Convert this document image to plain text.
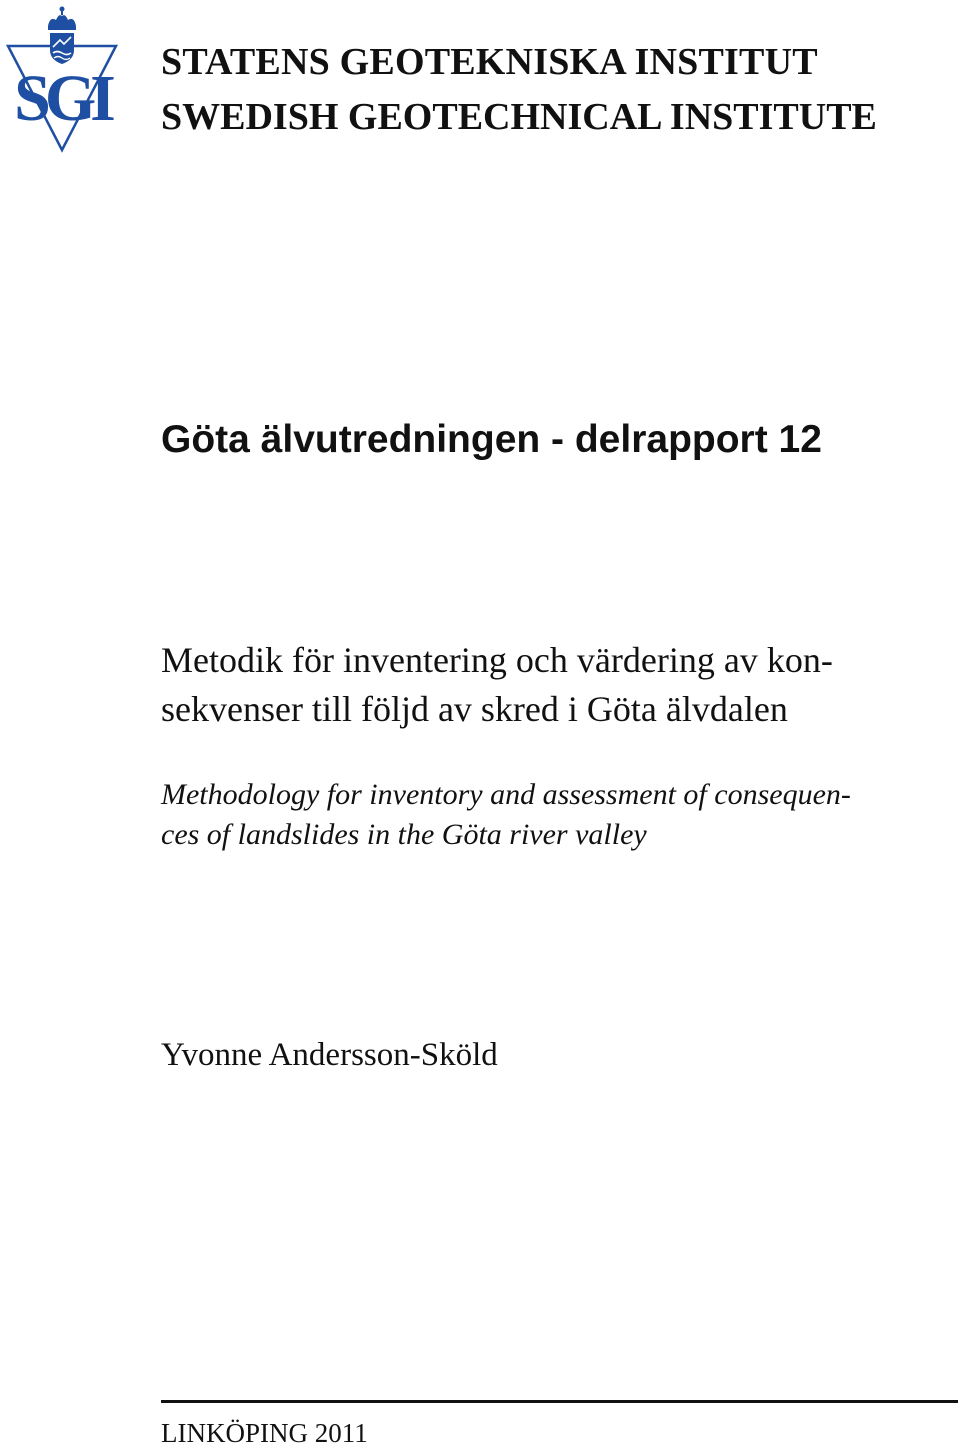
SGI STATENS GEOTEKNISKA INSTITUT
SWEDISH GEOTECHNICAL INSTITUTE
Göta älvutredningen - delrapport 12

Metodik för inventering och värdering av kon-
sekvenser till följd av skred i Göta älvdalen

Methodology for inventory and assessment of consequen-
ces of landslides in the Göta river valley

Yvonne Andersson-Sköld

LINKÖPING 2011
